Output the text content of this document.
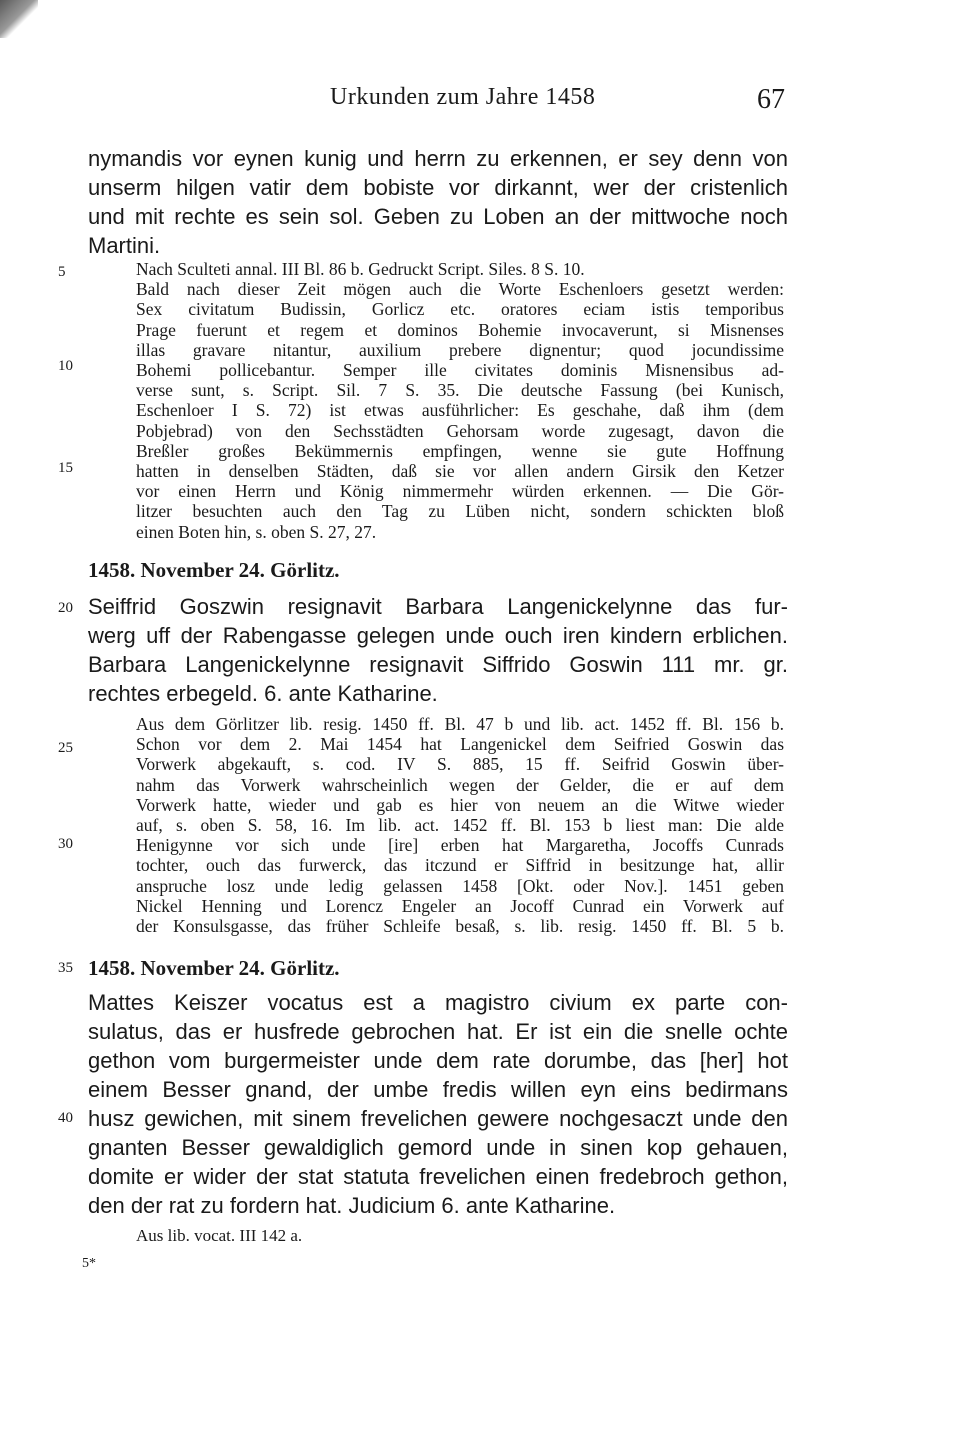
Urkunden zum Jahre 1458	67
5
10
15
20
25
30
35
40
nymandis vor eynen kunig und herrn zu erkennen, er sey denn von
unserm hilgen vatir dem bobiste vor dirkannt, wer der cristenlich
und mit rechte es sein sol. Geben zu Loben an der mittwoche noch
Martini.
Nach Sculteti annal. III Bl. 86 b. Gedruckt Script. Siles. 8 S. 10.
Bald nach dieser Zeit mögen auch die Worte Eschenloers gesetzt werden:
Sex civitatum Budissin, Gorlicz etc. oratores eciam istis temporibus
Prage fuerunt et regem et dominos Bohemie invocaverunt, si Misnenses
illas gravare nitantur, auxilium prebere dignentur; quod jocundissime
Bohemi pollicebantur. Semper ille civitates dominis Misnensibus ad-
verse sunt, s. Script. Sil. 7 S. 35. Die deutsche Fassung (bei Kunisch,
Eschenloer I S. 72) ist etwas ausführlicher: Es geschahe, daß ihm (dem
Pobjebrad) von den Sechsstädten Gehorsam worde zugesagt, davon die
Breßler großes Bekümmernis empfingen, wenne sie gute Hoffnung
hatten in denselben Städten, daß sie vor allen andern Girsik den Ketzer
vor einen Herrn und König nimmermehr würden erkennen. — Die Gör-
litzer besuchten auch den Tag zu Lüben nicht, sondern schickten bloß
einen Boten hin, s. oben S. 27, 27.
1458. November 24. Görlitz.
Seiffrid Goszwin resignavit Barbara Langenickelynne das fur-
werg uff der Rabengasse gelegen unde ouch iren kindern erblichen.
Barbara Langenickelynne resignavit Siffrido Goswin 111 mr. gr.
rechtes erbegeld. 6. ante Katharine.
Aus dem Görlitzer lib. resig. 1450 ff. Bl. 47 b und lib. act. 1452 ff. Bl. 156 b.
Schon vor dem 2. Mai 1454 hat Langenickel dem Seifried Goswin das
Vorwerk abgekauft, s. cod. IV S. 885, 15 ff. Seifrid Goswin über-
nahm das Vorwerk wahrscheinlich wegen der Gelder, die er auf dem
Vorwerk hatte, wieder und gab es hier von neuem an die Witwe wieder
auf, s. oben S. 58, 16. Im lib. act. 1452 ff. Bl. 153 b liest man: Die alde
Henigynne vor sich unde [ire] erben hat Margaretha, Jocoffs Cunrads
tochter, ouch das furwerck, das itczund er Siffrid in besitzunge hat, allir
anspruche losz unde ledig gelassen 1458 [Okt. oder Nov.]. 1451 geben
Nickel Henning und Lorencz Engeler an Jocoff Cunrad ein Vorwerk auf
der Konsulsgasse, das früher Schleife besaß, s. lib. resig. 1450 ff. Bl. 5 b.
1458. November 24. Görlitz.
Mattes Keiszer vocatus est a magistro civium ex parte con-
sulatus, das er husfrede gebrochen hat. Er ist ein die snelle ochte
gethon vom burgermeister unde dem rate dorumbe, das [her] hot
einem Besser gnand, der umbe fredis willen eyn eins bedirmans
husz gewichen, mit sinem frevelichen gewere nochgesaczt unde den
gnanten Besser gewaldiglich gemord unde in sinen kop gehauen,
domite er wider der stat statuta frevelichen einen fredebroch gethon,
den der rat zu fordern hat. Judicium 6. ante Katharine.
Aus lib. vocat. III 142 a.
5*
